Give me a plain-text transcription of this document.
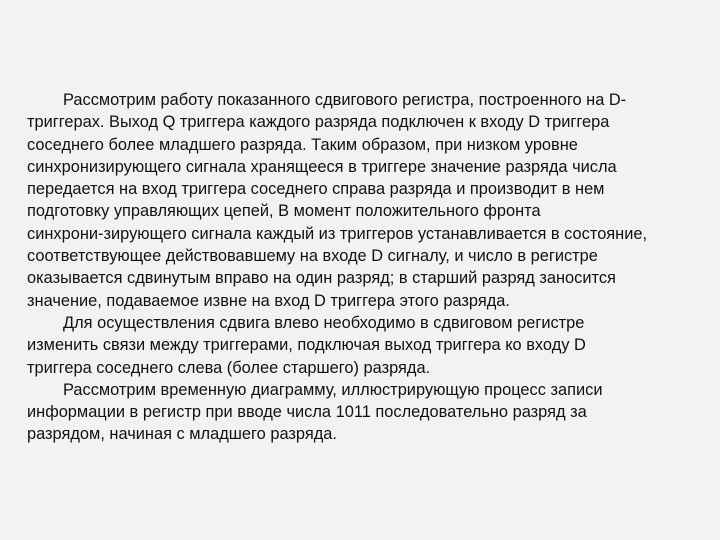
Рассмотрим работу показанного сдвигового регистра, построенного на D-
триггерах. Выход Q триггера каждого разряда подключен к входу D триггера
соседнего более младшего разряда. Таким образом, при низком уровне
синхронизирующего сигнала хранящееся в триггере значение разряда числа
передается на вход триггера соседнего справа разряда и производит в нем
подготовку управляющих цепей, В момент положительного фронта
синхрони-зирующего сигнала каждый из триггеров устанавливается в состояние,
соответствующее действовавшему на входе D сигналу, и число в регистре
оказывается сдвинутым вправо на один разряд; в старший разряд заносится
значение, подаваемое извне на вход D триггера этого разряда.
Для осуществления сдвига влево необходимо в сдвиговом регистре
изменить связи между триггерами, подключая выход триггера ко входу D
триггера соседнего слева (более старшего) разряда.
Рассмотрим временную диаграмму, иллюстрирующую процесс записи
информации в регистр при вводе числа 1011 последовательно разряд за
разрядом, начиная с младшего разряда.
